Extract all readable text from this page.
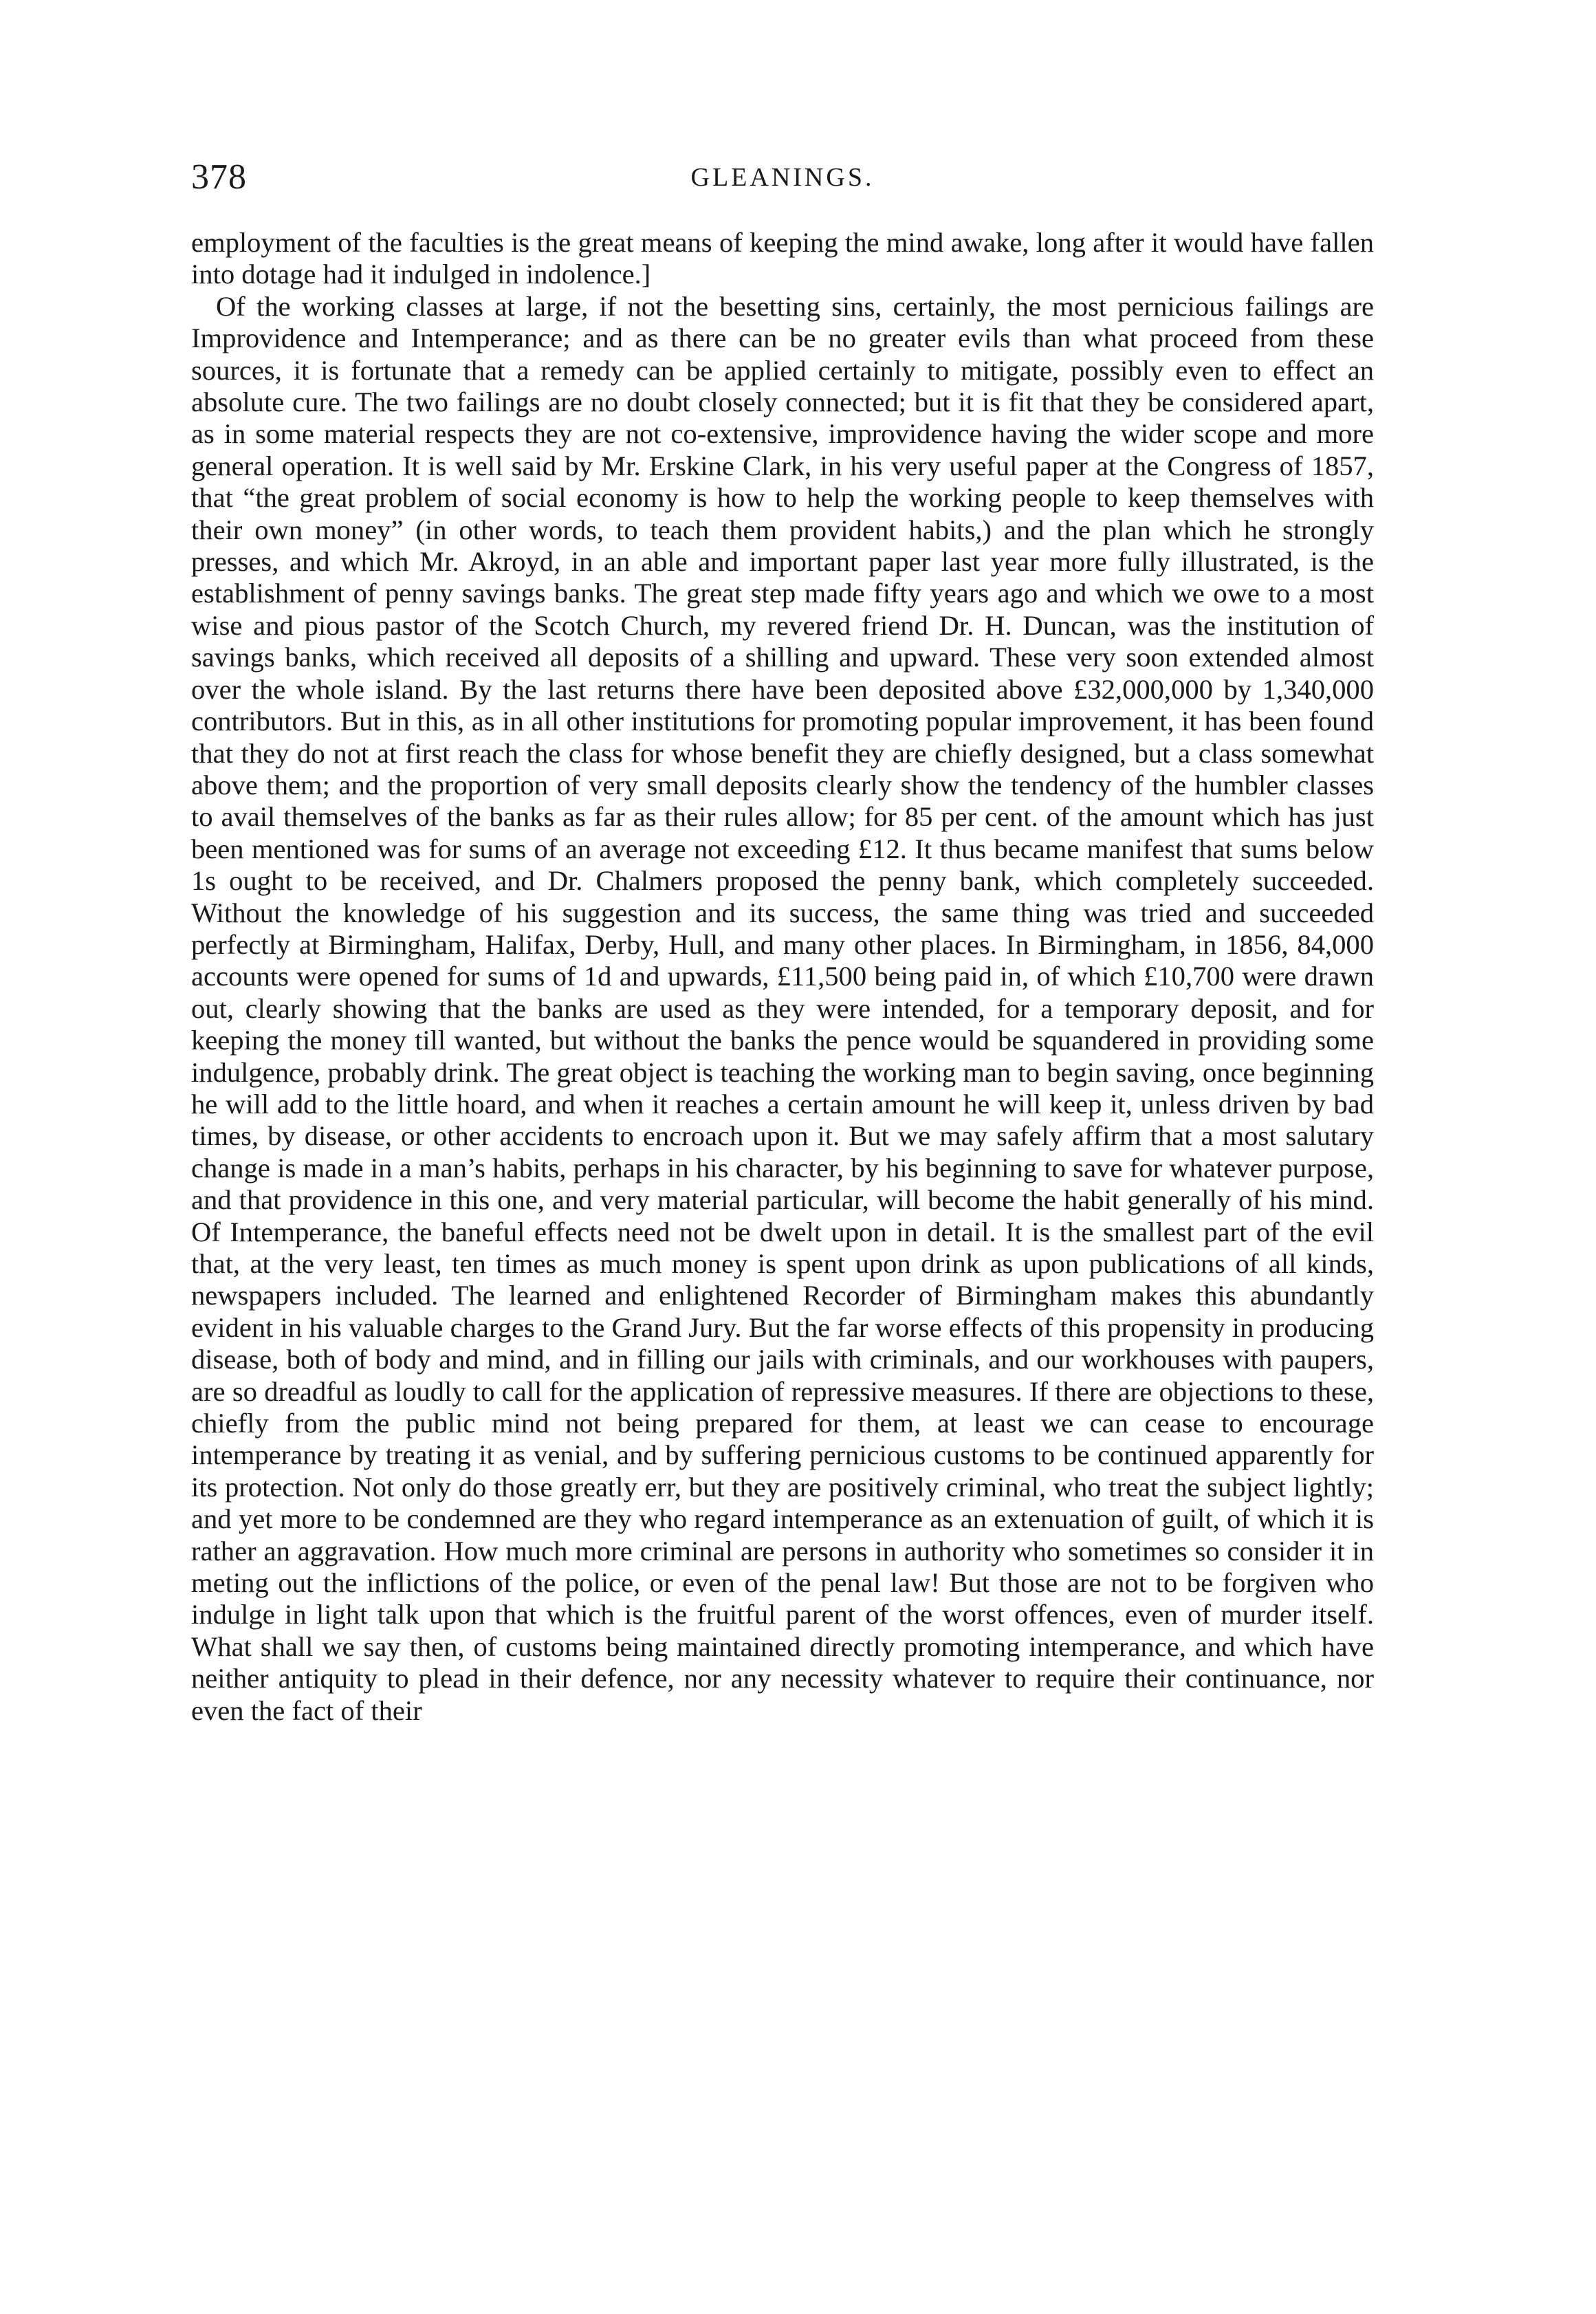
378	GLEANINGS.

employment of the faculties is the great means of keeping the mind awake, long after it would have fallen into dotage had it indulged in indolence.]

Of the working classes at large, if not the besetting sins, certainly, the most pernicious failings are Improvidence and Intemperance; and as there can be no greater evils than what proceed from these sources, it is fortunate that a remedy can be applied certainly to mitigate, possibly even to effect an absolute cure. The two failings are no doubt closely connected; but it is fit that they be considered apart, as in some material respects they are not co-extensive, improvidence having the wider scope and more general operation. It is well said by Mr. Erskine Clark, in his very useful paper at the Congress of 1857, that “the great problem of social economy is how to help the working people to keep themselves with their own money” (in other words, to teach them provident habits,) and the plan which he strongly presses, and which Mr. Akroyd, in an able and important paper last year more fully illustrated, is the establishment of penny savings banks. The great step made fifty years ago and which we owe to a most wise and pious pastor of the Scotch Church, my revered friend Dr. H. Duncan, was the institution of savings banks, which received all deposits of a shilling and upward. These very soon extended almost over the whole island. By the last returns there have been deposited above £32,000,000 by 1,340,000 contributors. But in this, as in all other institutions for promoting popular improvement, it has been found that they do not at first reach the class for whose benefit they are chiefly designed, but a class somewhat above them; and the proportion of very small deposits clearly show the tendency of the humbler classes to avail themselves of the banks as far as their rules allow; for 85 per cent. of the amount which has just been mentioned was for sums of an average not exceeding £12. It thus became manifest that sums below 1s ought to be received, and Dr. Chalmers proposed the penny bank, which completely succeeded. Without the knowledge of his suggestion and its success, the same thing was tried and succeeded perfectly at Birmingham, Halifax, Derby, Hull, and many other places. In Birmingham, in 1856, 84,000 accounts were opened for sums of 1d and upwards, £11,500 being paid in, of which £10,700 were drawn out, clearly showing that the banks are used as they were intended, for a temporary deposit, and for keeping the money till wanted, but without the banks the pence would be squandered in providing some indulgence, probably drink. The great object is teaching the working man to begin saving, once beginning he will add to the little hoard, and when it reaches a certain amount he will keep it, unless driven by bad times, by disease, or other accidents to encroach upon it. But we may safely affirm that a most salutary change is made in a man’s habits, perhaps in his character, by his beginning to save for whatever purpose, and that providence in this one, and very material particular, will become the habit generally of his mind. Of Intemperance, the baneful effects need not be dwelt upon in detail. It is the smallest part of the evil that, at the very least, ten times as much money is spent upon drink as upon publications of all kinds, newspapers included. The learned and enlightened Recorder of Birmingham makes this abundantly evident in his valuable charges to the Grand Jury. But the far worse effects of this propensity in producing disease, both of body and mind, and in filling our jails with criminals, and our workhouses with paupers, are so dreadful as loudly to call for the application of repressive measures. If there are objections to these, chiefly from the public mind not being prepared for them, at least we can cease to encourage intemperance by treating it as venial, and by suffering pernicious customs to be continued apparently for its protection. Not only do those greatly err, but they are positively criminal, who treat the subject lightly; and yet more to be condemned are they who regard intemperance as an extenuation of guilt, of which it is rather an aggravation. How much more criminal are persons in authority who sometimes so consider it in meting out the inflictions of the police, or even of the penal law! But those are not to be forgiven who indulge in light talk upon that which is the fruitful parent of the worst offences, even of murder itself. What shall we say then, of customs being maintained directly promoting intemperance, and which have neither antiquity to plead in their defence, nor any necessity whatever to require their continuance, nor even the fact of their
